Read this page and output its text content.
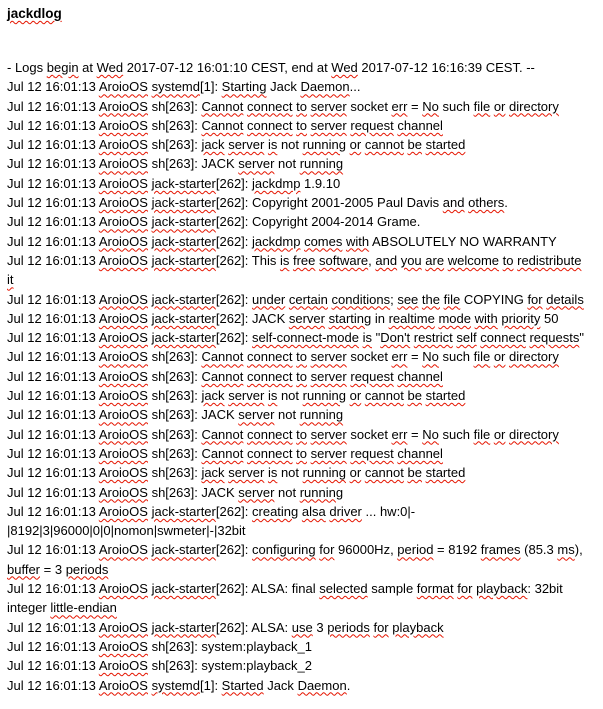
jackdlog
- Logs begin at Wed 2017-07-12 16:01:10 CEST, end at Wed 2017-07-12 16:16:39 CEST. --
Jul 12 16:01:13 AroioOS systemd[1]: Starting Jack Daemon...
Jul 12 16:01:13 AroioOS sh[263]: Cannot connect to server socket err = No such file or directory
Jul 12 16:01:13 AroioOS sh[263]: Cannot connect to server request channel
Jul 12 16:01:13 AroioOS sh[263]: jack server is not running or cannot be started
Jul 12 16:01:13 AroioOS sh[263]: JACK server not running
Jul 12 16:01:13 AroioOS jack-starter[262]: jackdmp 1.9.10
Jul 12 16:01:13 AroioOS jack-starter[262]: Copyright 2001-2005 Paul Davis and others.
Jul 12 16:01:13 AroioOS jack-starter[262]: Copyright 2004-2014 Grame.
Jul 12 16:01:13 AroioOS jack-starter[262]: jackdmp comes with ABSOLUTELY NO WARRANTY
Jul 12 16:01:13 AroioOS jack-starter[262]: This is free software, and you are welcome to redistribute
it
Jul 12 16:01:13 AroioOS jack-starter[262]: under certain conditions; see the file COPYING for details
Jul 12 16:01:13 AroioOS jack-starter[262]: JACK server starting in realtime mode with priority 50
Jul 12 16:01:13 AroioOS jack-starter[262]: self-connect-mode is "Don't restrict self connect requests"
Jul 12 16:01:13 AroioOS sh[263]: Cannot connect to server socket err = No such file or directory
Jul 12 16:01:13 AroioOS sh[263]: Cannot connect to server request channel
Jul 12 16:01:13 AroioOS sh[263]: jack server is not running or cannot be started
Jul 12 16:01:13 AroioOS sh[263]: JACK server not running
Jul 12 16:01:13 AroioOS sh[263]: Cannot connect to server socket err = No such file or directory
Jul 12 16:01:13 AroioOS sh[263]: Cannot connect to server request channel
Jul 12 16:01:13 AroioOS sh[263]: jack server is not running or cannot be started
Jul 12 16:01:13 AroioOS sh[263]: JACK server not running
Jul 12 16:01:13 AroioOS jack-starter[262]: creating alsa driver ... hw:0|-
|8192|3|96000|0|0|nomon|swmeter|-|32bit
Jul 12 16:01:13 AroioOS jack-starter[262]: configuring for 96000Hz, period = 8192 frames (85.3 ms),
buffer = 3 periods
Jul 12 16:01:13 AroioOS jack-starter[262]: ALSA: final selected sample format for playback: 32bit
integer little-endian
Jul 12 16:01:13 AroioOS jack-starter[262]: ALSA: use 3 periods for playback
Jul 12 16:01:13 AroioOS sh[263]: system:playback_1
Jul 12 16:01:13 AroioOS sh[263]: system:playback_2
Jul 12 16:01:13 AroioOS systemd[1]: Started Jack Daemon.
